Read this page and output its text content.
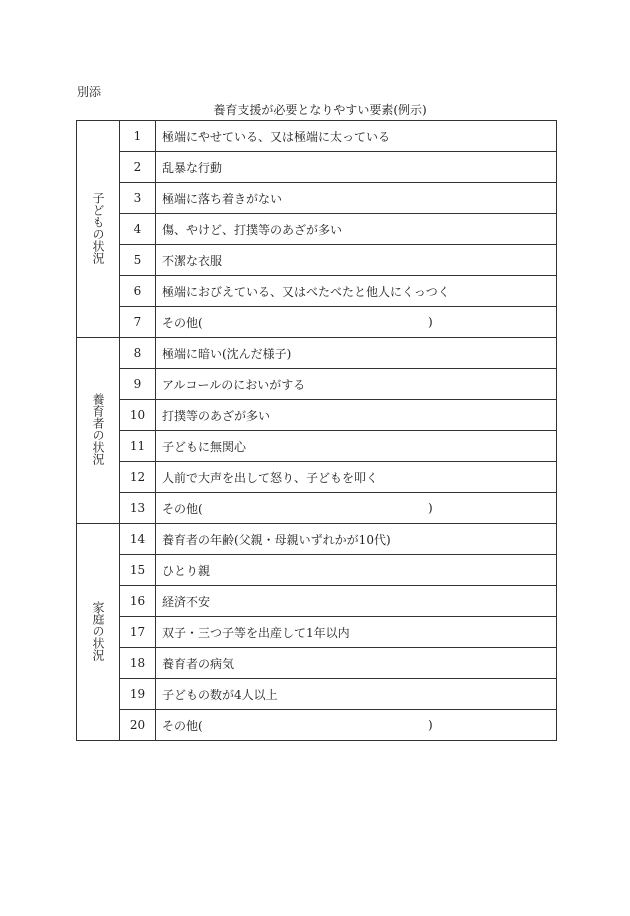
別添
養育支援が必要となりやすい要素(例示)
子どもの状況	1	極端にやせている、又は極端に太っている
	2	乱暴な行動
	3	極端に落ち着きがない
	4	傷、やけど、打撲等のあざが多い
	5	不潔な衣服
	6	極端におびえている、又はべたべたと他人にくっつく
	7	その他( )

養育者の状況	8	極端に暗い(沈んだ様子)
	9	アルコールのにおいがする
	10	打撲等のあざが多い
	11	子どもに無関心
	12	人前で大声を出して怒り、子どもを叩く
	13	その他( )

家庭の状況	14	養育者の年齢(父親・母親いずれかが10代)
	15	ひとり親
	16	経済不安
	17	双子・三つ子等を出産して1年以内
	18	養育者の病気
	19	子どもの数が4人以上
	20	その他( )
